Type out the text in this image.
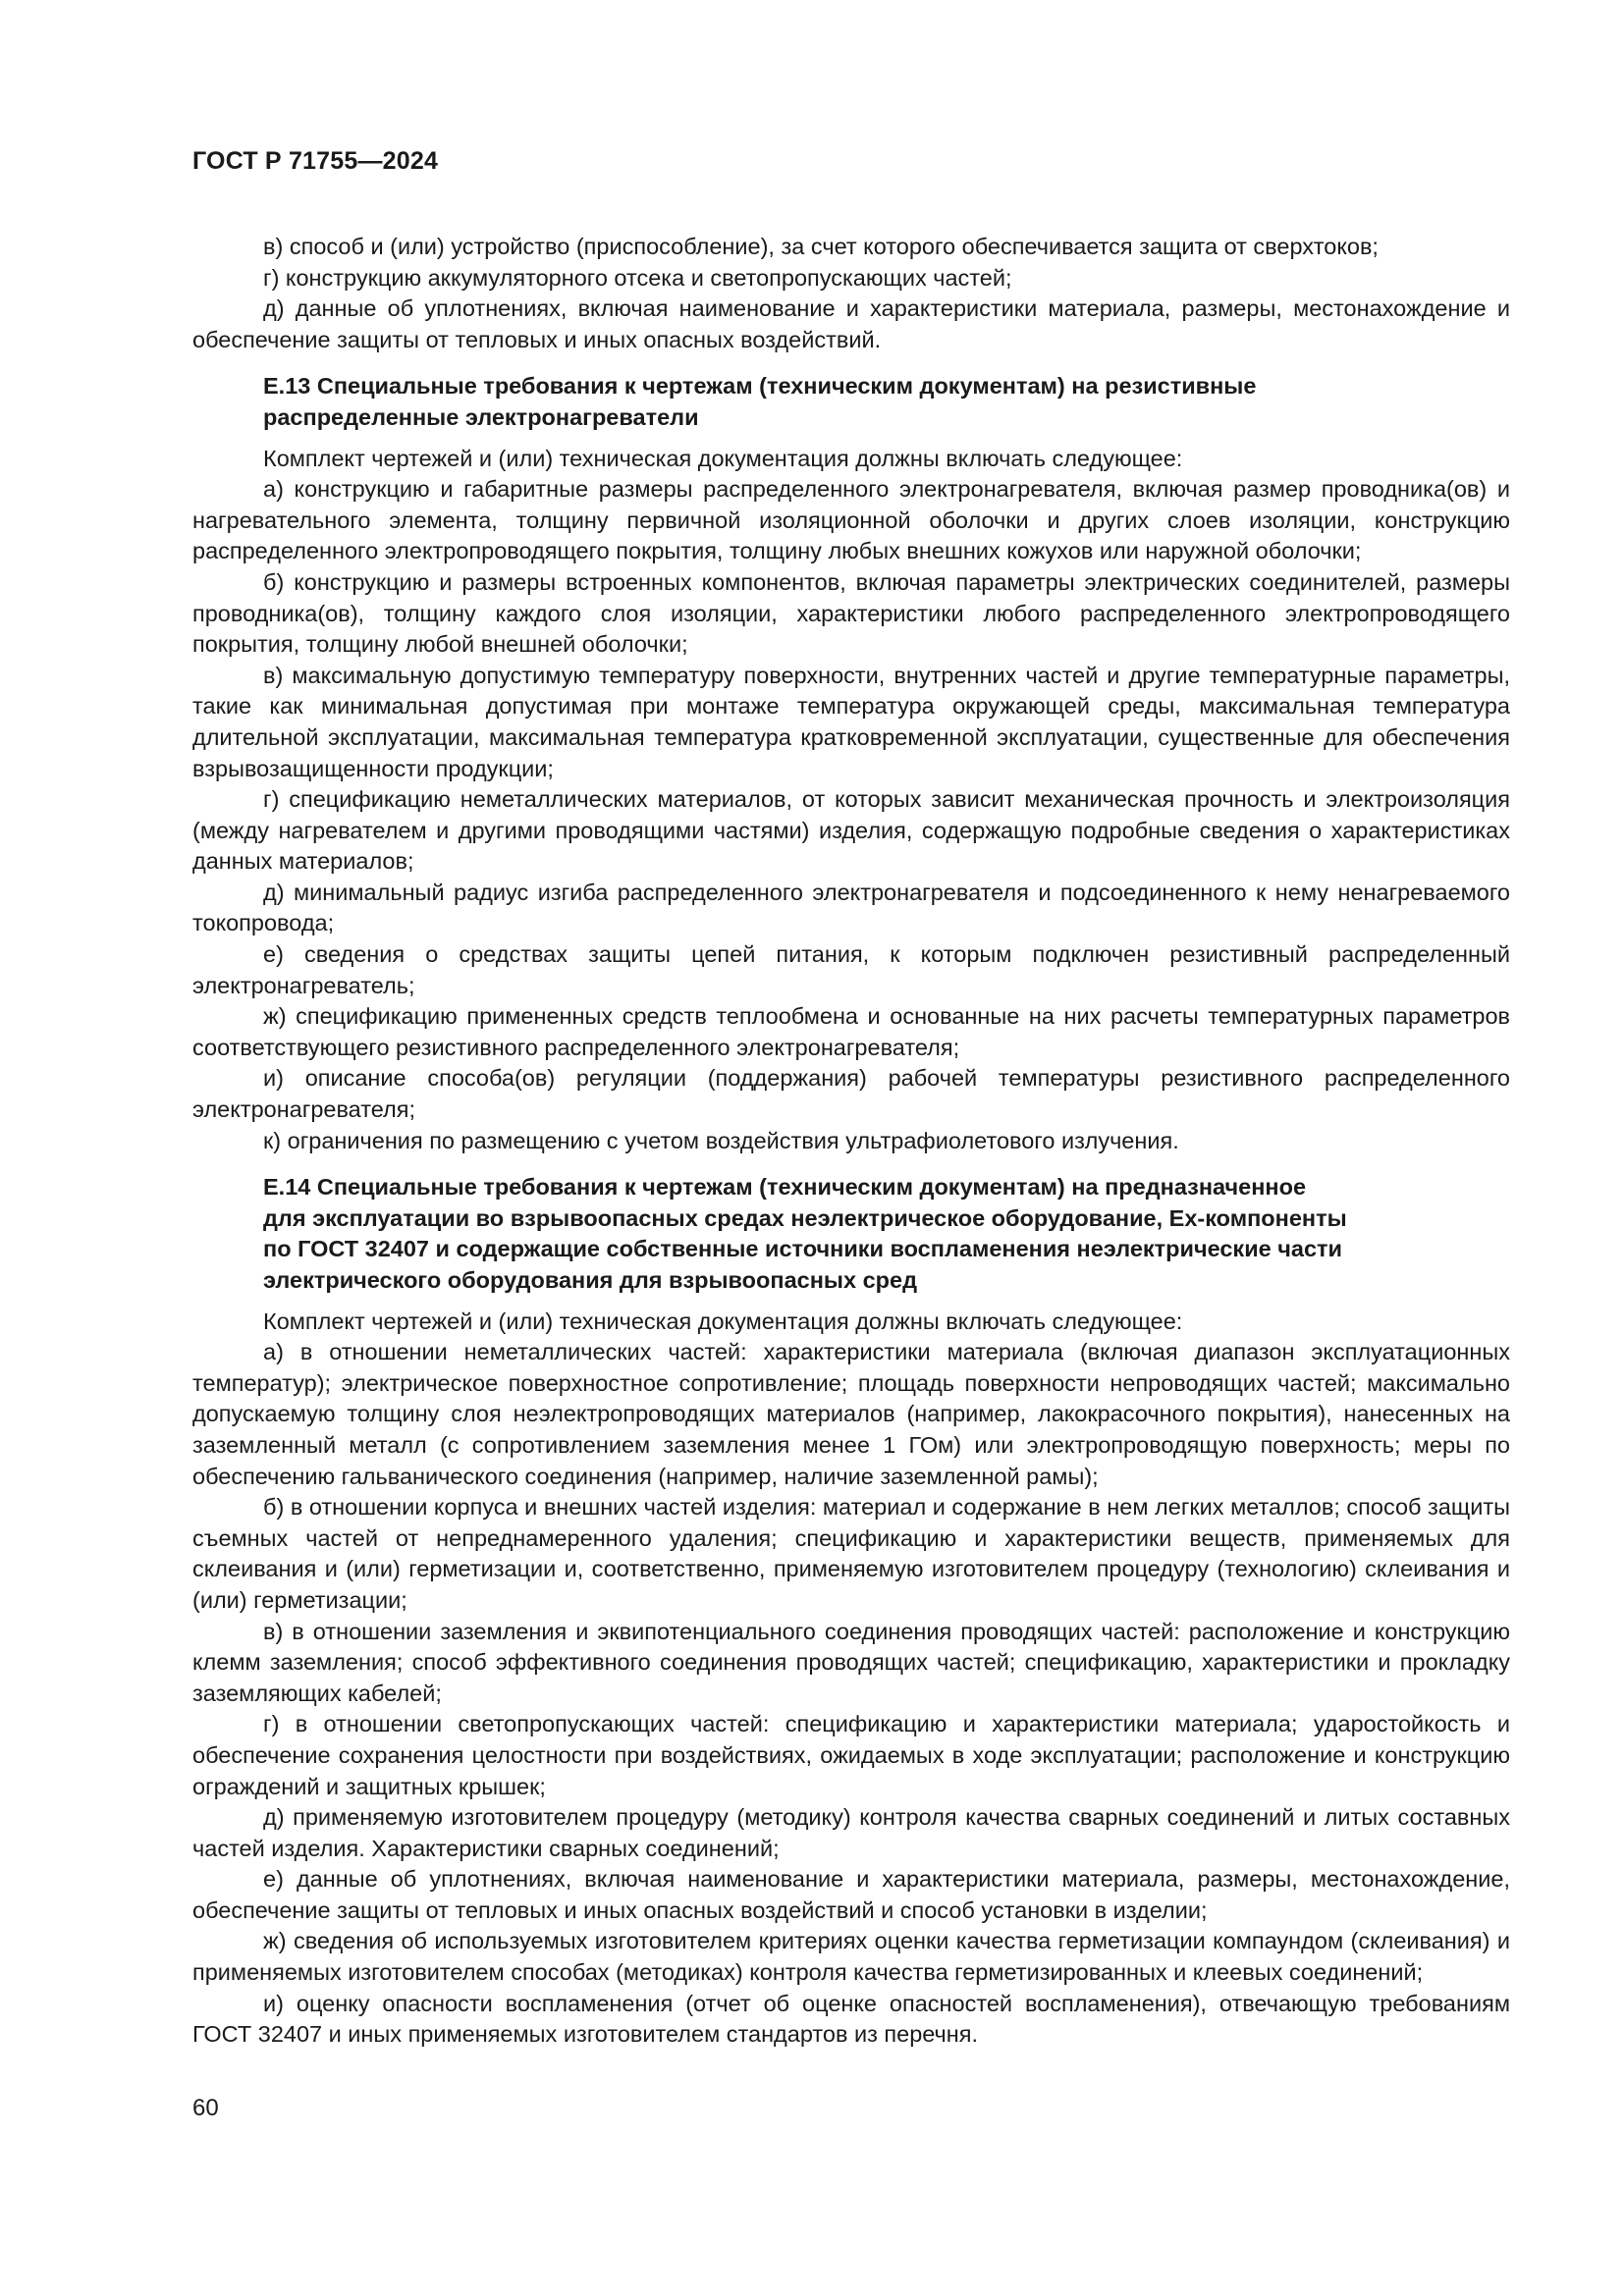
ГОСТ Р 71755—2024

в) способ и (или) устройство (приспособление), за счет которого обеспечивается защита от сверхтоков;

г) конструкцию аккумуляторного отсека и светопропускающих частей;

д) данные об уплотнениях, включая наименование и характеристики материала, размеры, местонахождение и обеспечение защиты от тепловых и иных опасных воздействий.

Е.13 Специальные требования к чертежам (техническим документам) на резистивные
распределенные электронагреватели

Комплект чертежей и (или) техническая документация должны включать следующее:

а) конструкцию и габаритные размеры распределенного электронагревателя, включая размер проводника(ов) и нагревательного элемента, толщину первичной изоляционной оболочки и других слоев изоляции, конструкцию распределенного электропроводящего покрытия, толщину любых внешних кожухов или наружной оболочки;

б) конструкцию и размеры встроенных компонентов, включая параметры электрических соединителей, размеры проводника(ов), толщину каждого слоя изоляции, характеристики любого распределенного электропроводящего покрытия, толщину любой внешней оболочки;

в) максимальную допустимую температуру поверхности, внутренних частей и другие температурные параметры, такие как минимальная допустимая при монтаже температура окружающей среды, максимальная температура длительной эксплуатации, максимальная температура кратковременной эксплуатации, существенные для обеспечения взрывозащищенности продукции;

г) спецификацию неметаллических материалов, от которых зависит механическая прочность и электроизоляция (между нагревателем и другими проводящими частями) изделия, содержащую подробные сведения о характеристиках данных материалов;

д) минимальный радиус изгиба распределенного электронагревателя и подсоединенного к нему ненагреваемого токопровода;

е) сведения о средствах защиты цепей питания, к которым подключен резистивный распределенный электронагреватель;

ж) спецификацию примененных средств теплообмена и основанные на них расчеты температурных параметров соответствующего резистивного распределенного электронагревателя;

и) описание способа(ов) регуляции (поддержания) рабочей температуры резистивного распределенного электронагревателя;

к) ограничения по размещению с учетом воздействия ультрафиолетового излучения.

Е.14 Специальные требования к чертежам (техническим документам) на предназначенное
для эксплуатации во взрывоопасных средах неэлектрическое оборудование, Ex-компоненты
по ГОСТ 32407 и содержащие собственные источники воспламенения неэлектрические части
электрического оборудования для взрывоопасных сред

Комплект чертежей и (или) техническая документация должны включать следующее:

а) в отношении неметаллических частей: характеристики материала (включая диапазон эксплуатационных температур); электрическое поверхностное сопротивление; площадь поверхности непроводящих частей; максимально допускаемую толщину слоя неэлектропроводящих материалов (например, лакокрасочного покрытия), нанесенных на заземленный металл (с сопротивлением заземления менее 1 ГОм) или электропроводящую поверхность; меры по обеспечению гальванического соединения (например, наличие заземленной рамы);

б) в отношении корпуса и внешних частей изделия: материал и содержание в нем легких металлов; способ защиты съемных частей от непреднамеренного удаления; спецификацию и характеристики веществ, применяемых для склеивания и (или) герметизации и, соответственно, применяемую изготовителем процедуру (технологию) склеивания и (или) герметизации;

в) в отношении заземления и эквипотенциального соединения проводящих частей: расположение и конструкцию клемм заземления; способ эффективного соединения проводящих частей; спецификацию, характеристики и прокладку заземляющих кабелей;

г) в отношении светопропускающих частей: спецификацию и характеристики материала; ударостойкость и обеспечение сохранения целостности при воздействиях, ожидаемых в ходе эксплуатации; расположение и конструкцию ограждений и защитных крышек;

д) применяемую изготовителем процедуру (методику) контроля качества сварных соединений и литых составных частей изделия. Характеристики сварных соединений;

е) данные об уплотнениях, включая наименование и характеристики материала, размеры, местонахождение, обеспечение защиты от тепловых и иных опасных воздействий и способ установки в изделии;

ж) сведения об используемых изготовителем критериях оценки качества герметизации компаундом (склеивания) и применяемых изготовителем способах (методиках) контроля качества герметизированных и клеевых соединений;

и) оценку опасности воспламенения (отчет об оценке опасностей воспламенения), отвечающую требованиям ГОСТ 32407 и иных применяемых изготовителем стандартов из перечня.

60
